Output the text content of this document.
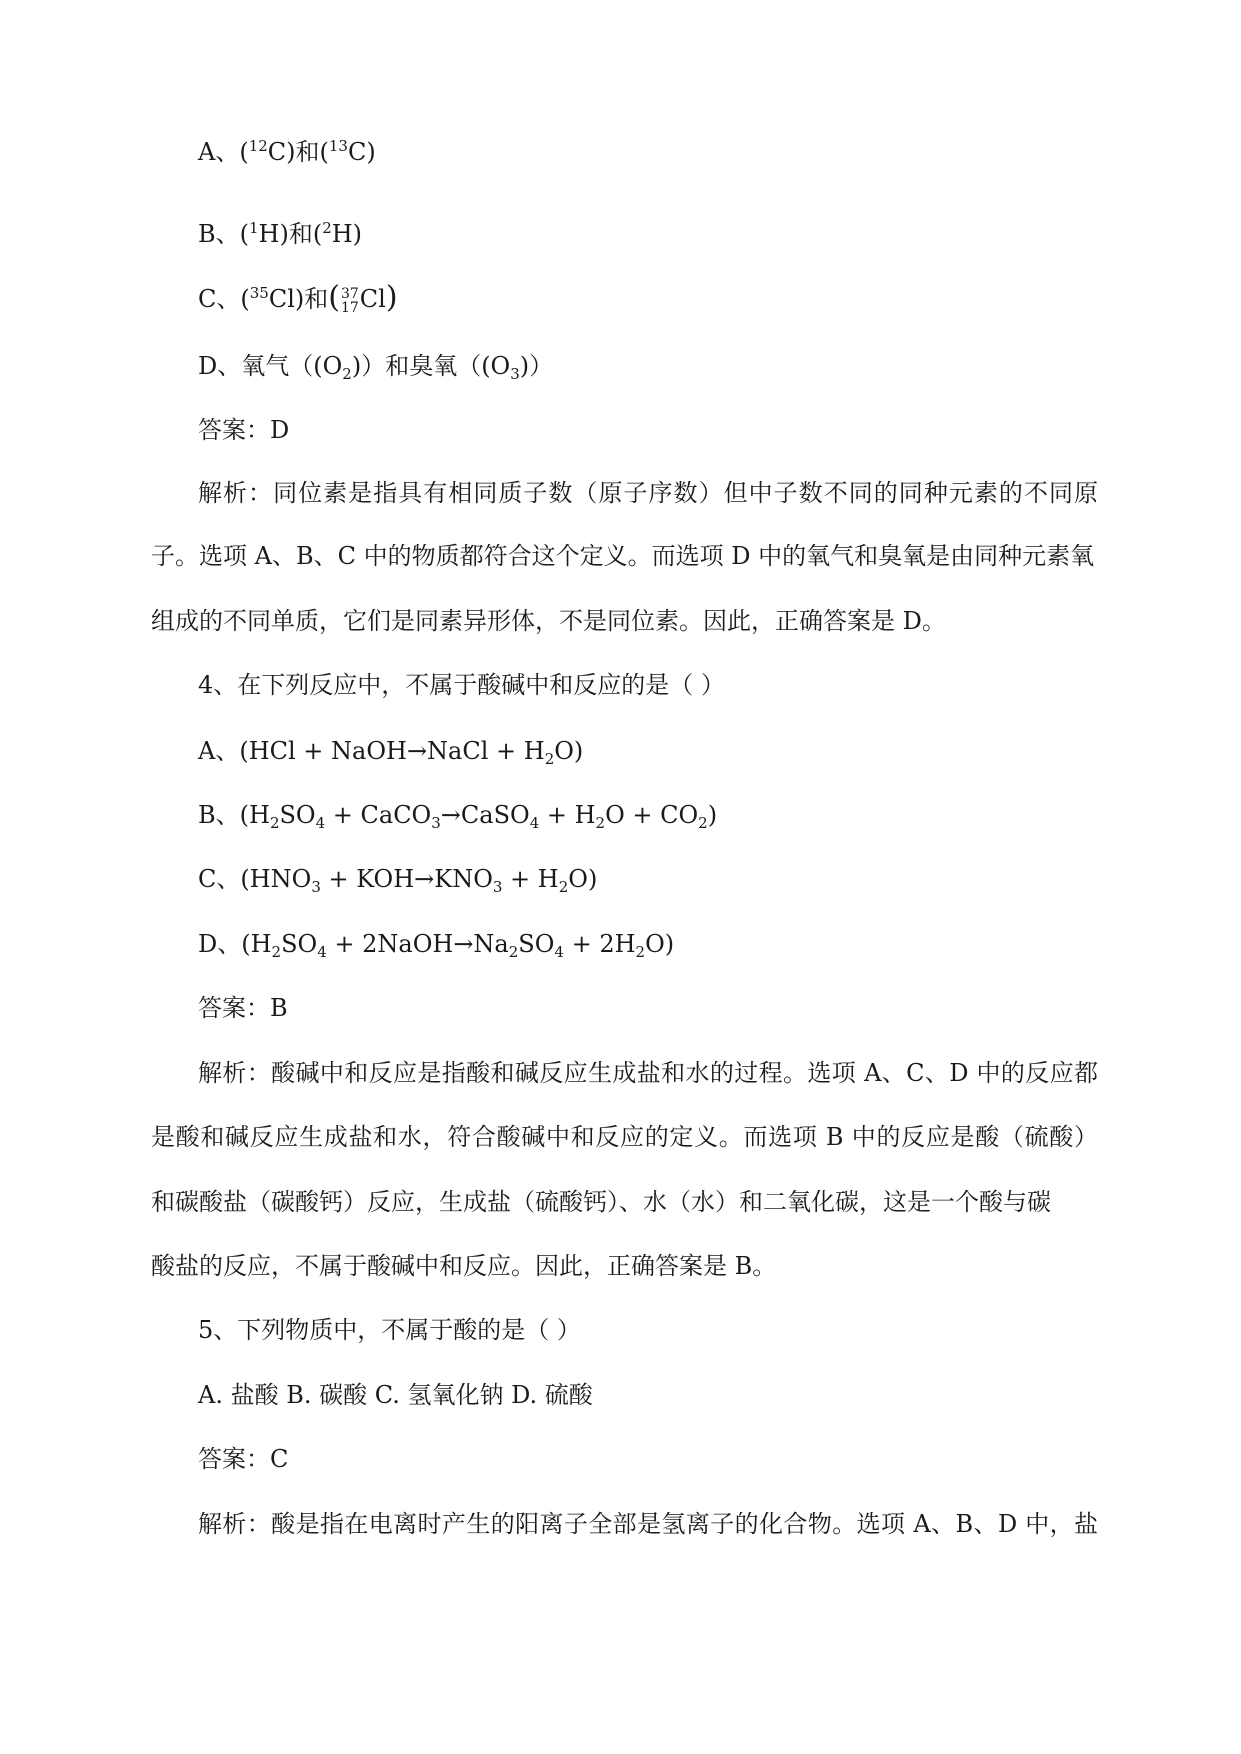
A、($^{12}$C)和($^{13}$C)
B、($^1$H)和($^2$H)
C、($^{35}$Cl)和( 37
17 Cl)
D、氧气$((O_2))$和臭氧$((O_3))$
答案：D
解析：同位素是指具有相同质子数（原子序数）但中子数不同的同种元素的不同原
子。选项 A、B、C 中的物质都符合这个定义。而选项 D 中的氧气和臭氧是由同种元素氧
组成的不同单质，它们是同素异形体，不是同位素。因此，正确答案是 D。
4、在下列反应中，不属于酸碱中和反应的是（ ）
A、(HCl + NaOH→NaCl + $H_2O$)
B、($H_2SO_4$ + CaCO$_3$→CaSO$_4$ + $H_2O + CO_2$)
C、$(HNO_3 + KOH\to KNO_3 + H_2O)$
D、($H_2SO_4$ + $2NaOH\to Na_2SO_4 + 2H_2O$)
答案：B
解析：酸碱中和反应是指酸和碱反应生成盐和水的过程。选项 A、C、D 中的反应都
是酸和碱反应生成盐和水，符合酸碱中和反应的定义。而选项 B 中的反应是酸（硫酸）
和碳酸盐（碳酸钙）反应，生成盐（硫酸钙）、水（水）和二氧化碳，这是一个酸与碳
酸盐的反应，不属于酸碱中和反应。因此，正确答案是 B。
5、下列物质中，不属于酸的是（ ）
A. 盐酸 B. 碳酸 C. 氢氧化钠 D. 硫酸
答案：C
解析：酸是指在电离时产生的阳离子全部是氢离子的化合物。选项 A、B、D 中，盐
